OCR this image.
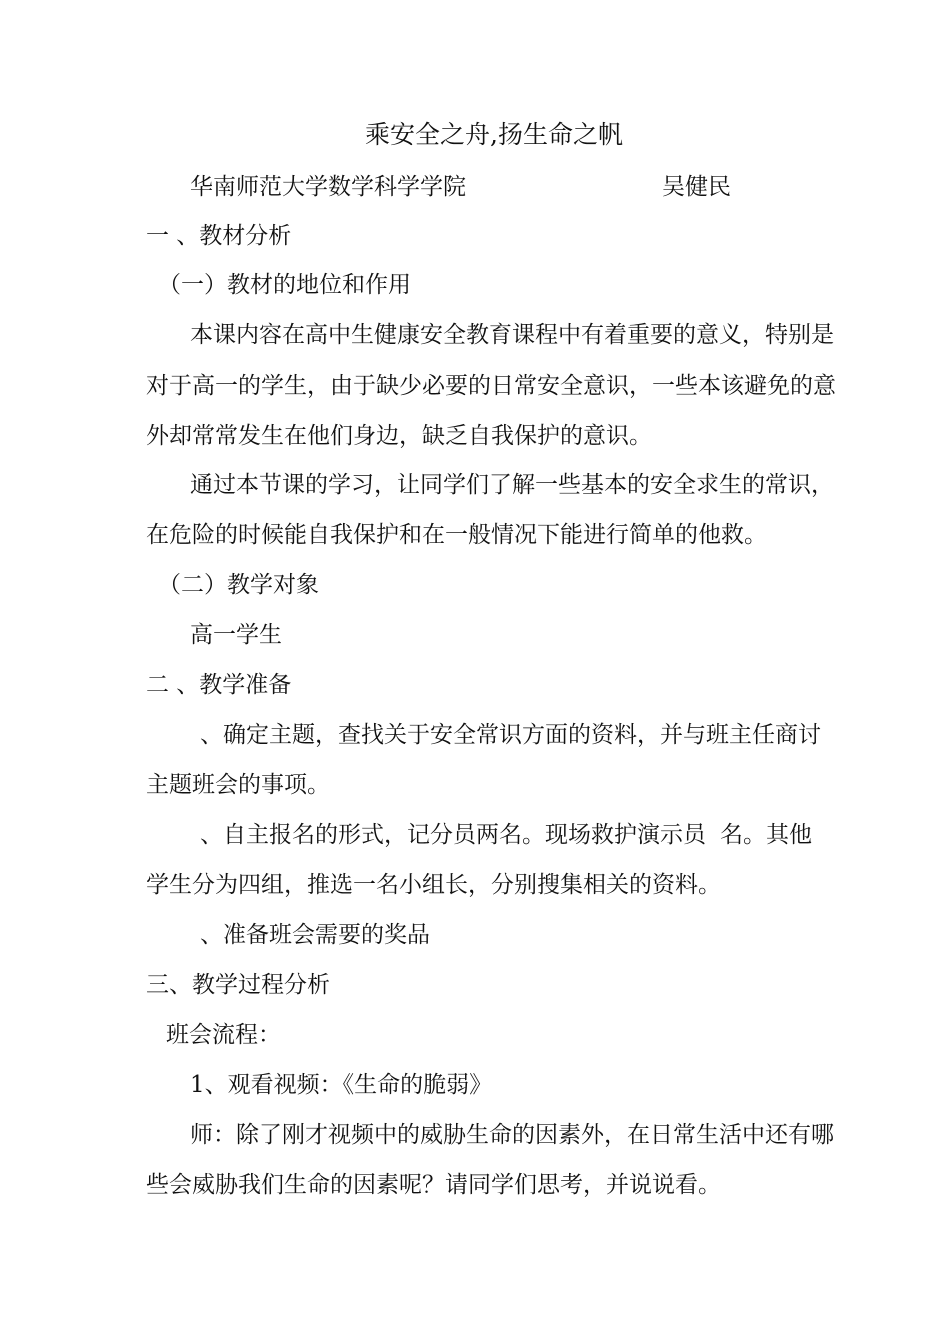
乘安全之舟,扬生命之帆
华南师范大学数学科学学院	吴健民
一 、教材分析
（一）教材的地位和作用
本课内容在高中生健康安全教育课程中有着重要的意义，特别是
对于高一的学生，由于缺少必要的日常安全意识，一些本该避免的意
外却常常发生在他们身边，缺乏自我保护的意识。
通过本节课的学习，让同学们了解一些基本的安全求生的常识，
在危险的时候能自我保护和在一般情况下能进行简单的他救。
（二）教学对象
高一学生
二 、教学准备
、确定主题，查找关于安全常识方面的资料，并与班主任商讨
主题班会的事项。
、自主报名的形式，记分员两名。现场救护演示员 名。其他
学生分为四组，推选一名小组长，分别搜集相关的资料。
、准备班会需要的奖品
三、教学过程分析
班会流程：
1、观看视频：《生命的脆弱》
师：除了刚才视频中的威胁生命的因素外，在日常生活中还有哪
些会威胁我们生命的因素呢？请同学们思考，并说说看。
